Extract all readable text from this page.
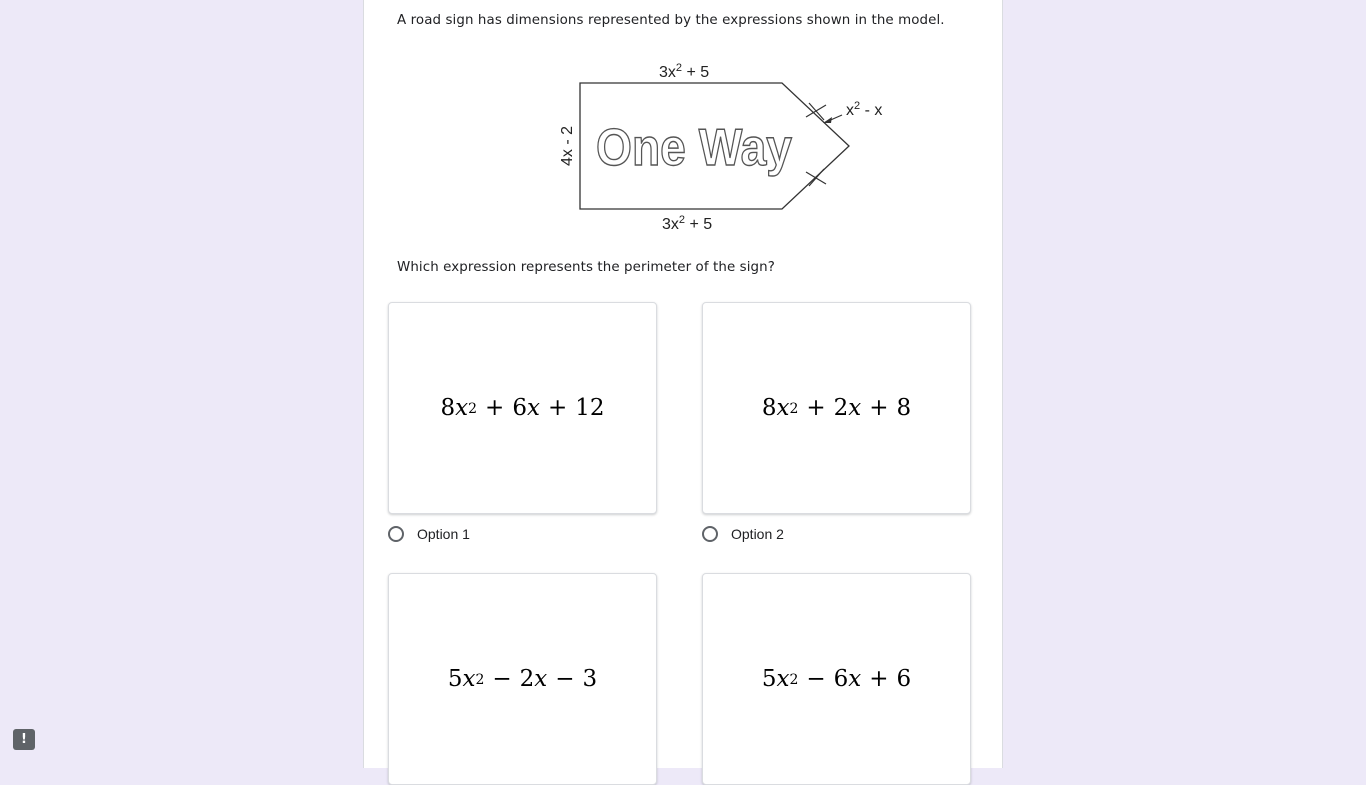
A road sign has dimensions represented by the expressions shown in the model.

One Way
$3x^2 + 5$
$3x^2 + 5$
4x - 2
$x^2$ - x

Which expression represents the perimeter of the sign?

8 $x^2 + 6$ x + 12
Option 1
8 $x^2 + 2$ x + 8
Option 2
5 $x^2 - 2$ x − 3	5 $x^2 - 6$ x + 6
!
